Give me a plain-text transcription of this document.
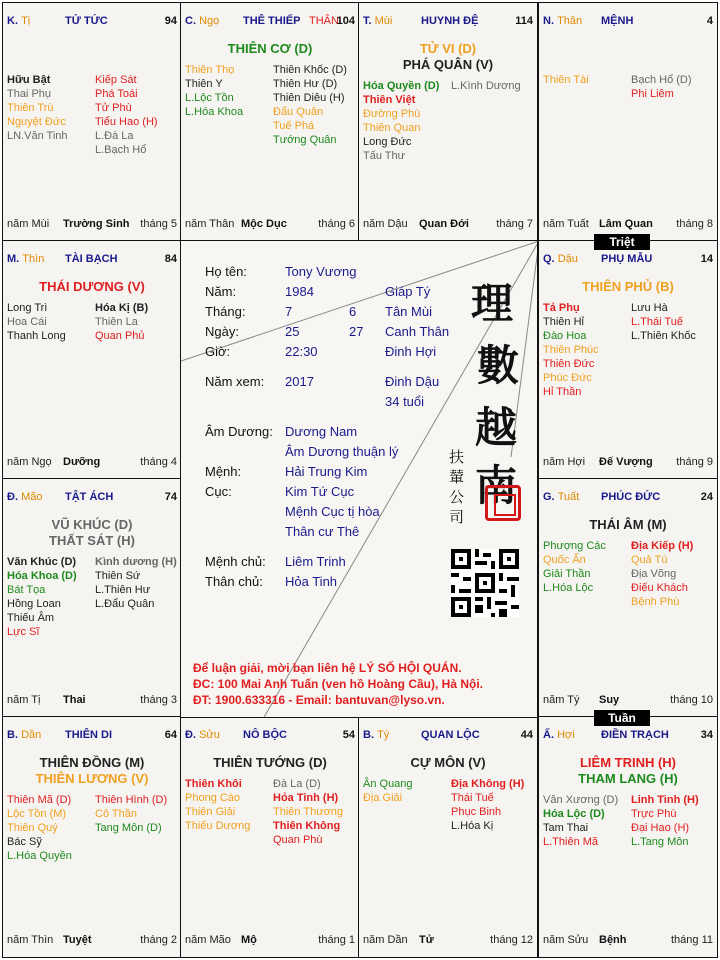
K. Tị	TỬ TỨC	94
Hữu Bật
Thai Phụ
Thiên Trù
Nguyệt Đức
LN.Văn Tinh
Kiếp Sát
Phá Toái
Tử Phù
Tiểu Hao (H)
L.Đà La
L.Bạch Hổ
năm Mùi Trường Sinh tháng 5
C. Ngọ THÊ THIẾP THÂN
104
THIÊN CƠ (D)
Thiên Thọ
Thiên Y
L.Lộc Tồn
L.Hóa Khoa
Thiên Khốc (D)
Thiên Hư (D)
Thiên Diêu (H)
Đẩu Quân
Tuế Phá
Tướng Quân
năm Thân Mộc Dục	tháng 6
T. Mùi	HUYNH ĐỆ	114
TỬ VI (D)
PHÁ QUÂN (V)
Hóa Quyền (D)
Thiên Việt
Đường Phù
Thiên Quan
Long Đức
Tấu Thư
L.Kình Dương
năm Dậu Quan Đới tháng 7
N. Thân MỆNH	4
Thiên Tài	Bạch Hổ (D)
Phi Liêm
năm Tuất Lâm Quan tháng 8
M. Thìn TÀI BẠCH	84
THÁI DƯƠNG (V)
Long Trì
Hoa Cái
Thanh Long
Hóa Kị (B)
Thiên La
Quan Phủ
năm Ngọ Dưỡng	tháng 4
Q. Dậu PHỤ MẪU	14
THIÊN PHỦ (B)
Tả Phụ
Thiên Hỉ
Đào Hoa
Thiên Phúc
Thiên Đức
Phúc Đức
Hỉ Thần
Lưu Hà
L.Thái Tuế
L.Thiên Khốc
năm Hợi Đế Vượng tháng 9
Đ. Mão TẬT ÁCH	74
VŨ KHÚC (D)
THẤT SÁT (H)
Văn Khúc (D)
Hóa Khoa (D)
Bát Tọa
Hồng Loan
Thiếu Âm
Lực Sĩ
Kình dương (H)
Thiên Sứ
L.Thiên Hư
L.Đẩu Quân
năm Tị Thai	tháng 3
G. Tuất PHÚC ĐỨC	24
THÁI ÂM (M)
Phượng Các
Quốc Ấn
Giải Thần
L.Hóa Lộc
Địa Kiếp (H)
Quả Tú
Địa Võng
Điếu Khách
Bệnh Phù
năm Tý Suy	tháng 10
B. Dần THIÊN DI	64
THIÊN ĐỒNG (M)
THIÊN LƯƠNG (V)
Thiên Mã (D)
Lộc Tồn (M)
Thiên Quý
Bác Sỹ
L.Hóa Quyền
Thiên Hình (D)
Cô Thần
Tang Môn (D)
năm Thìn Tuyệt	tháng 2
Đ. Sửu NÔ BỘC	54
THIÊN TƯỚNG (D)
Thiên Khôi
Phong Cáo
Thiên Giải
Thiếu Dương
Đà La (D)
Hỏa Tinh (H)
Thiên Thương
Thiên Không
Quan Phù
năm Mão Mộ	tháng 1
B. Tý	QUAN LỘC	44
CỰ MÔN (V)
Ân Quang
Địa Giải
Địa Không (H)
Thái Tuế
Phục Binh
L.Hóa Kị
năm Dần Tử	tháng 12
Ấ. Hợi ĐIỀN TRẠCH	34
LIÊM TRINH (H)
THAM LANG (H)
Văn Xương (D)
Hóa Lộc (D)
Tam Thai
L.Thiên Mã
Linh Tinh (H)
Trực Phù
Đại Hao (H)
L.Tang Môn
năm Sửu Bệnh	tháng 11
Họ tên:	Tony Vương
Năm:	1984	Giáp Tý
Tháng:	7	6 Tân Mùi
Ngày:	25	27 Canh Thân
Giờ:	22:30	Đinh Hợi
Năm xem: 2017	Đinh Dậu
34 tuổi
Âm Dương: Dương Nam
Âm Dương thuận lý
Mệnh:	Hải Trung Kim
Cục:	Kim Tứ Cục
Mệnh Cục tị hòa
Thân cư Thê
Mệnh chủ: Liêm Trinh
Thân chủ: Hỏa Tinh
理
數
越
南
扶
輦
公
司
Để luận giải, mời bạn liên hệ LÝ SỐ HỘI QUÁN.
ĐC: 100 Mai Anh Tuấn (ven hồ Hoàng Cầu), Hà Nội.
ĐT: 1900.633316 - Email: bantuvan@lyso.vn.
Triệt
Tuần
